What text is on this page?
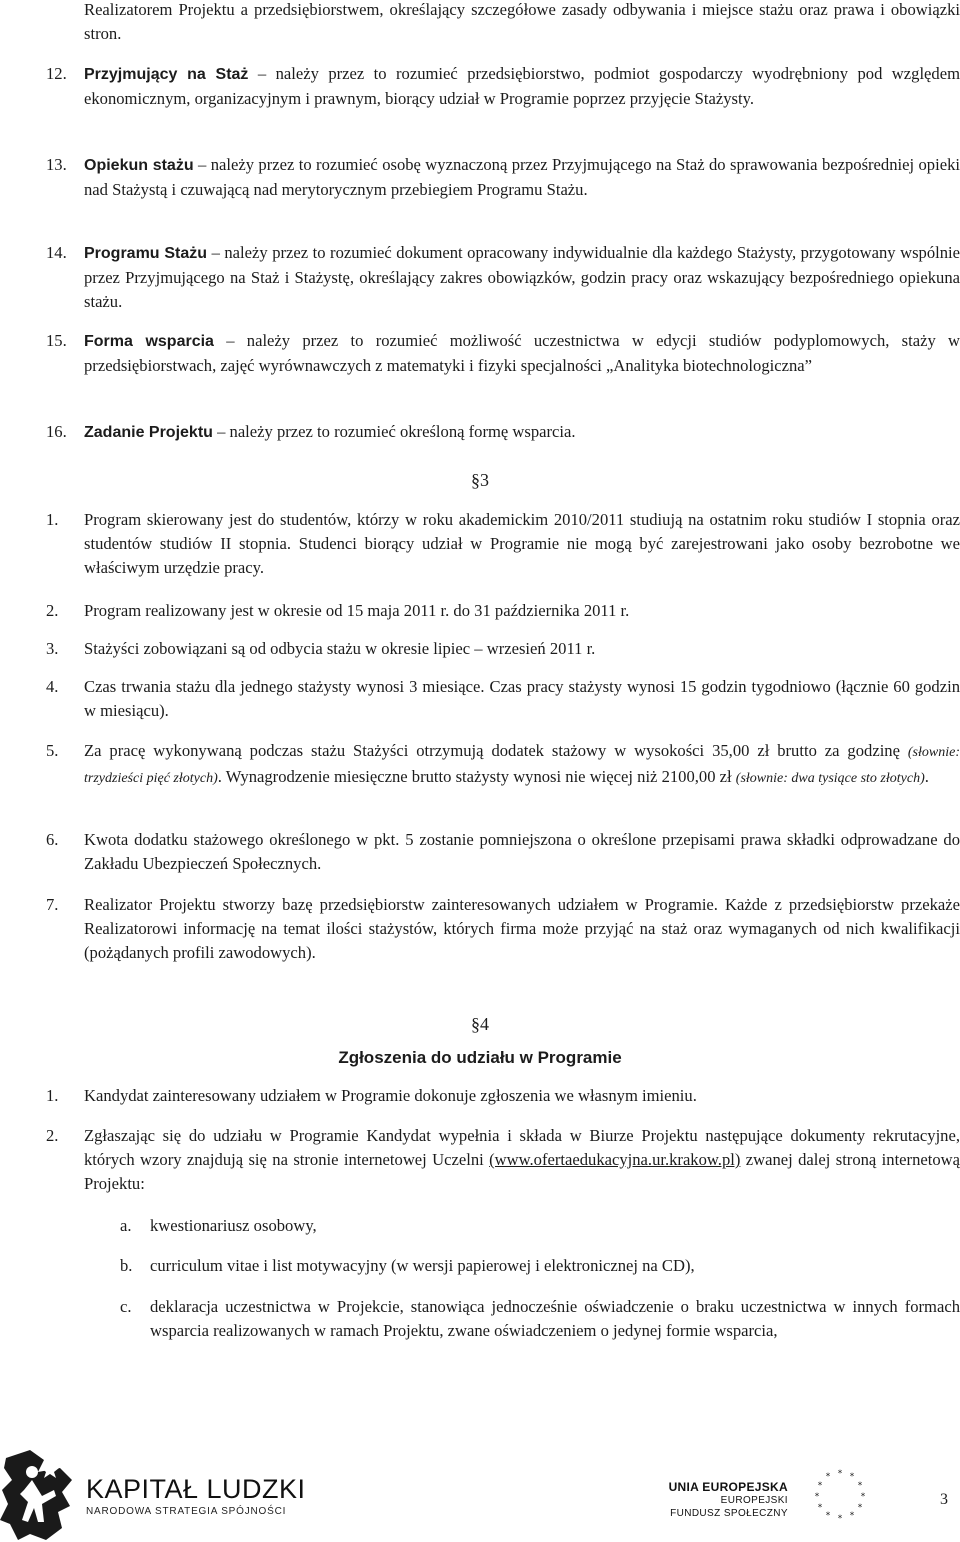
Realizatorem Projektu a przedsiębiorstwem, określający szczegółowe zasady odbywania i miejsce stażu oraz prawa i obowiązki stron.
12. Przyjmujący na Staż – należy przez to rozumieć przedsiębiorstwo, podmiot gospodarczy wyodrębniony pod względem ekonomicznym, organizacyjnym i prawnym, biorący udział w Programie poprzez przyjęcie Stażysty.
13. Opiekun stażu – należy przez to rozumieć osobę wyznaczoną przez Przyjmującego na Staż do sprawowania bezpośredniej opieki nad Stażystą i czuwającą nad merytorycznym przebiegiem Programu Stażu.
14. Programu Stażu – należy przez to rozumieć dokument opracowany indywidualnie dla każdego Stażysty, przygotowany wspólnie przez Przyjmującego na Staż i Stażystę, określający zakres obowiązków, godzin pracy oraz wskazujący bezpośredniego opiekuna stażu.
15. Forma wsparcia – należy przez to rozumieć możliwość uczestnictwa w edycji studiów podyplomowych, staży w przedsiębiorstwach, zajęć wyrównawczych z matematyki i fizyki specjalności „Analityka biotechnologiczna”
16. Zadanie Projektu – należy przez to rozumieć określoną formę wsparcia.
§3
1. Program skierowany jest do studentów, którzy w roku akademickim 2010/2011 studiują na ostatnim roku studiów I stopnia oraz studentów studiów II stopnia. Studenci biorący udział w Programie nie mogą być zarejestrowani jako osoby bezrobotne we właściwym urzędzie pracy.
2. Program realizowany jest w okresie od 15 maja 2011 r. do 31 października 2011 r.
3. Stażyści zobowiązani są od odbycia stażu w okresie lipiec – wrzesień 2011 r.
4. Czas trwania stażu dla jednego stażysty wynosi 3 miesiące. Czas pracy stażysty wynosi 15 godzin tygodniowo (łącznie 60 godzin w miesiącu).
5. Za pracę wykonywaną podczas stażu Stażyści otrzymują dodatek stażowy w wysokości 35,00 zł brutto za godzinę (słownie: trzydzieści pięć złotych). Wynagrodzenie miesięczne brutto stażysty wynosi nie więcej niż 2100,00 zł (słownie: dwa tysiące sto złotych).
6. Kwota dodatku stażowego określonego w pkt. 5 zostanie pomniejszona o określone przepisami prawa składki odprowadzane do Zakładu Ubezpieczeń Społecznych.
7. Realizator Projektu stworzy bazę przedsiębiorstw zainteresowanych udziałem w Programie. Każde z przedsiębiorstw przekaże Realizatorowi informację na temat ilości stażystów, których firma może przyjąć na staż oraz wymaganych od nich kwalifikacji (pożądanych profili zawodowych).
§4
Zgłoszenia do udziału w Programie
1. Kandydat zainteresowany udziałem w Programie dokonuje zgłoszenia we własnym imieniu.
2. Zgłaszając się do udziału w Programie Kandydat wypełnia i składa w Biurze Projektu następujące dokumenty rekrutacyjne, których wzory znajdują się na stronie internetowej Uczelni (www.ofertaedukacyjna.ur.krakow.pl) zwanej dalej stroną internetową Projektu:
a. kwestionariusz osobowy,
b. curriculum vitae i list motywacyjny (w wersji papierowej i elektronicznej na CD),
c. deklaracja uczestnictwa w Projekcie, stanowiąca jednocześnie oświadczenie o braku uczestnictwa w innych formach wsparcia realizowanych w ramach Projektu, zwane oświadczeniem o jedynej formie wsparcia,
KAPITAŁ LUDZKI
NARODOWA STRATEGIA SPÓJNOŚCI
UNIA EUROPEJSKA
EUROPEJSKI
FUNDUSZ SPOŁECZNY
* *
*
*
*
*
*
*
*
*
*
*
3
